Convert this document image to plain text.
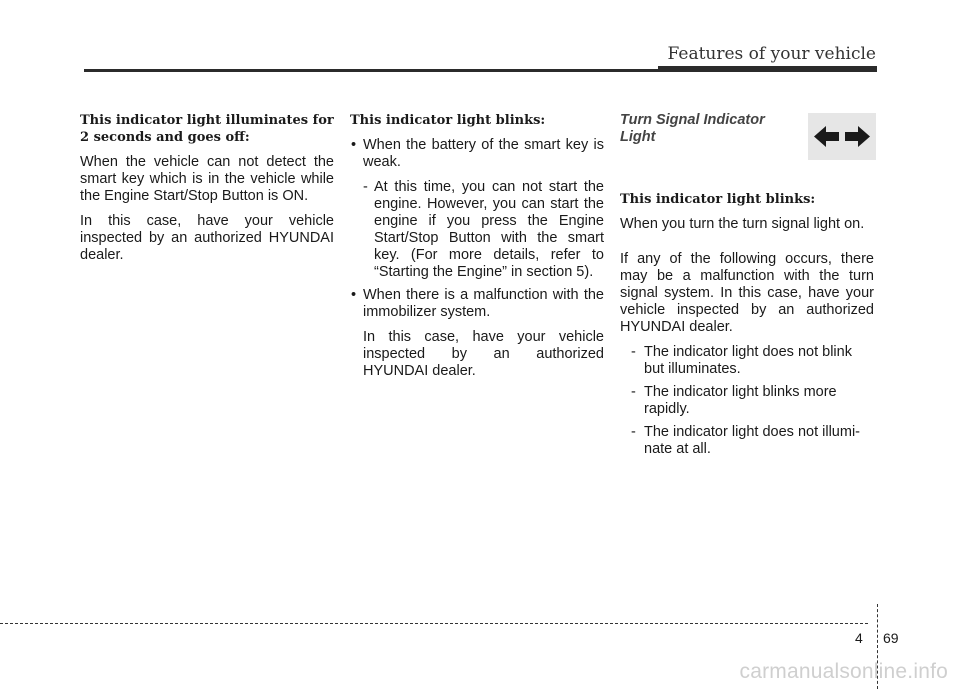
Features of your vehicle

This indicator light illuminates for 2 seconds and goes off:

When the vehicle can not detect the smart key which is in the vehicle while the Engine Start/Stop Button is ON.

In this case, have your vehicle inspected by an authorized HYUNDAI dealer.

This indicator light blinks:

• When the battery of the smart key is weak.
- At this time, you can not start the engine. However, you can start the engine if you press the Engine Start/Stop Button with the smart key. (For more details, refer to “Starting the Engine” in section 5).
• When there is a malfunction with the immobilizer system.

In this case, have your vehicle inspected by an authorized HYUNDAI dealer.

Turn Signal Indicator Light

This indicator light blinks:

When you turn the turn signal light on.

If any of the following occurs, there may be a malfunction with the turn signal system. In this case, have your vehicle inspected by an authorized HYUNDAI dealer.

- The indicator light does not blink but illuminates.
- The indicator light blinks more rapidly.
- The indicator light does not illumi- nate at all.
4 69
carmanualsonline.info
